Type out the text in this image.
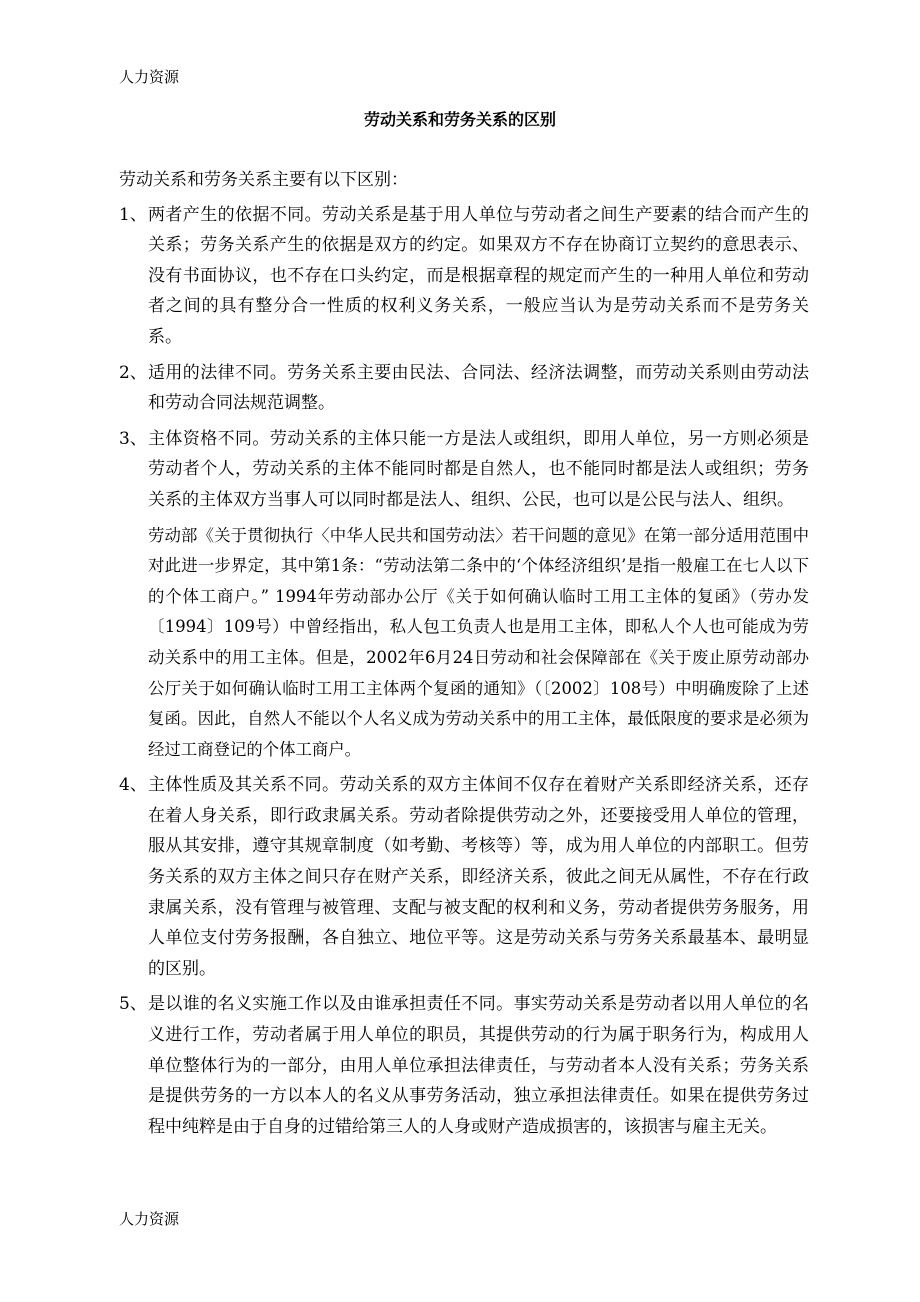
人力资源
劳动关系和劳务关系的区别

劳动关系和劳务关系主要有以下区别：

1、 两者产生的依据不同。劳动关系是基于用人单位与劳动者之间生产要素的结合而产生的关系；劳务关系产生的依据是双方的约定。如果双方不存在协商订立契约的意思表示、没有书面协议，也不存在口头约定，而是根据章程的规定而产生的一种用人单位和劳动者之间的具有整分合一性质的权利义务关系，一般应当认为是劳动关系而不是劳务关系。
2、 适用的法律不同。劳务关系主要由民法、合同法、经济法调整，而劳动关系则由劳动法和劳动合同法规范调整。
3、 主体资格不同。劳动关系的主体只能一方是法人或组织，即用人单位，另一方则必须是劳动者个人，劳动关系的主体不能同时都是自然人，也不能同时都是法人或组织；劳务关系的主体双方当事人可以同时都是法人、组织、公民，也可以是公民与法人、组织。

劳动部《关于贯彻执行〈中华人民共和国劳动法〉若干问题的意见》在第一部分适用范围中对此进一步界定，其中第1条：“劳动法第二条中的‘个体经济组织’是指一般雇工在七人以下的个体工商户。” 1994年劳动部办公厅《关于如何确认临时工用工主体的复函》（劳办发〔1994〕109号）中曾经指出，私人包工负责人也是用工主体，即私人个人也可能成为劳动关系中的用工主体。但是，2002年6月24日劳动和社会保障部在《关于废止原劳动部办公厅关于如何确认临时工用工主体两个复函的通知》（〔2002〕108号）中明确废除了上述复函。因此，自然人不能以个人名义成为劳动关系中的用工主体，最低限度的要求是必须为经过工商登记的个体工商户。

4、 主体性质及其关系不同。劳动关系的双方主体间不仅存在着财产关系即经济关系，还存在着人身关系，即行政隶属关系。劳动者除提供劳动之外，还要接受用人单位的管理，服从其安排，遵守其规章制度（如考勤、考核等）等，成为用人单位的内部职工。但劳务关系的双方主体之间只存在财产关系，即经济关系，彼此之间无从属性，不存在行政隶属关系，没有管理与被管理、支配与被支配的权利和义务，劳动者提供劳务服务，用人单位支付劳务报酬，各自独立、地位平等。这是劳动关系与劳务关系最基本、最明显的区别。
5、 是以谁的名义实施工作以及由谁承担责任不同。事实劳动关系是劳动者以用人单位的名义进行工作，劳动者属于用人单位的职员，其提供劳动的行为属于职务行为，构成用人单位整体行为的一部分，由用人单位承担法律责任，与劳动者本人没有关系；劳务关系是提供劳务的一方以本人的名义从事劳务活动，独立承担法律责任。如果在提供劳务过程中纯粹是由于自身的过错给第三人的人身或财产造成损害的，该损害与雇主无关。
人力资源
